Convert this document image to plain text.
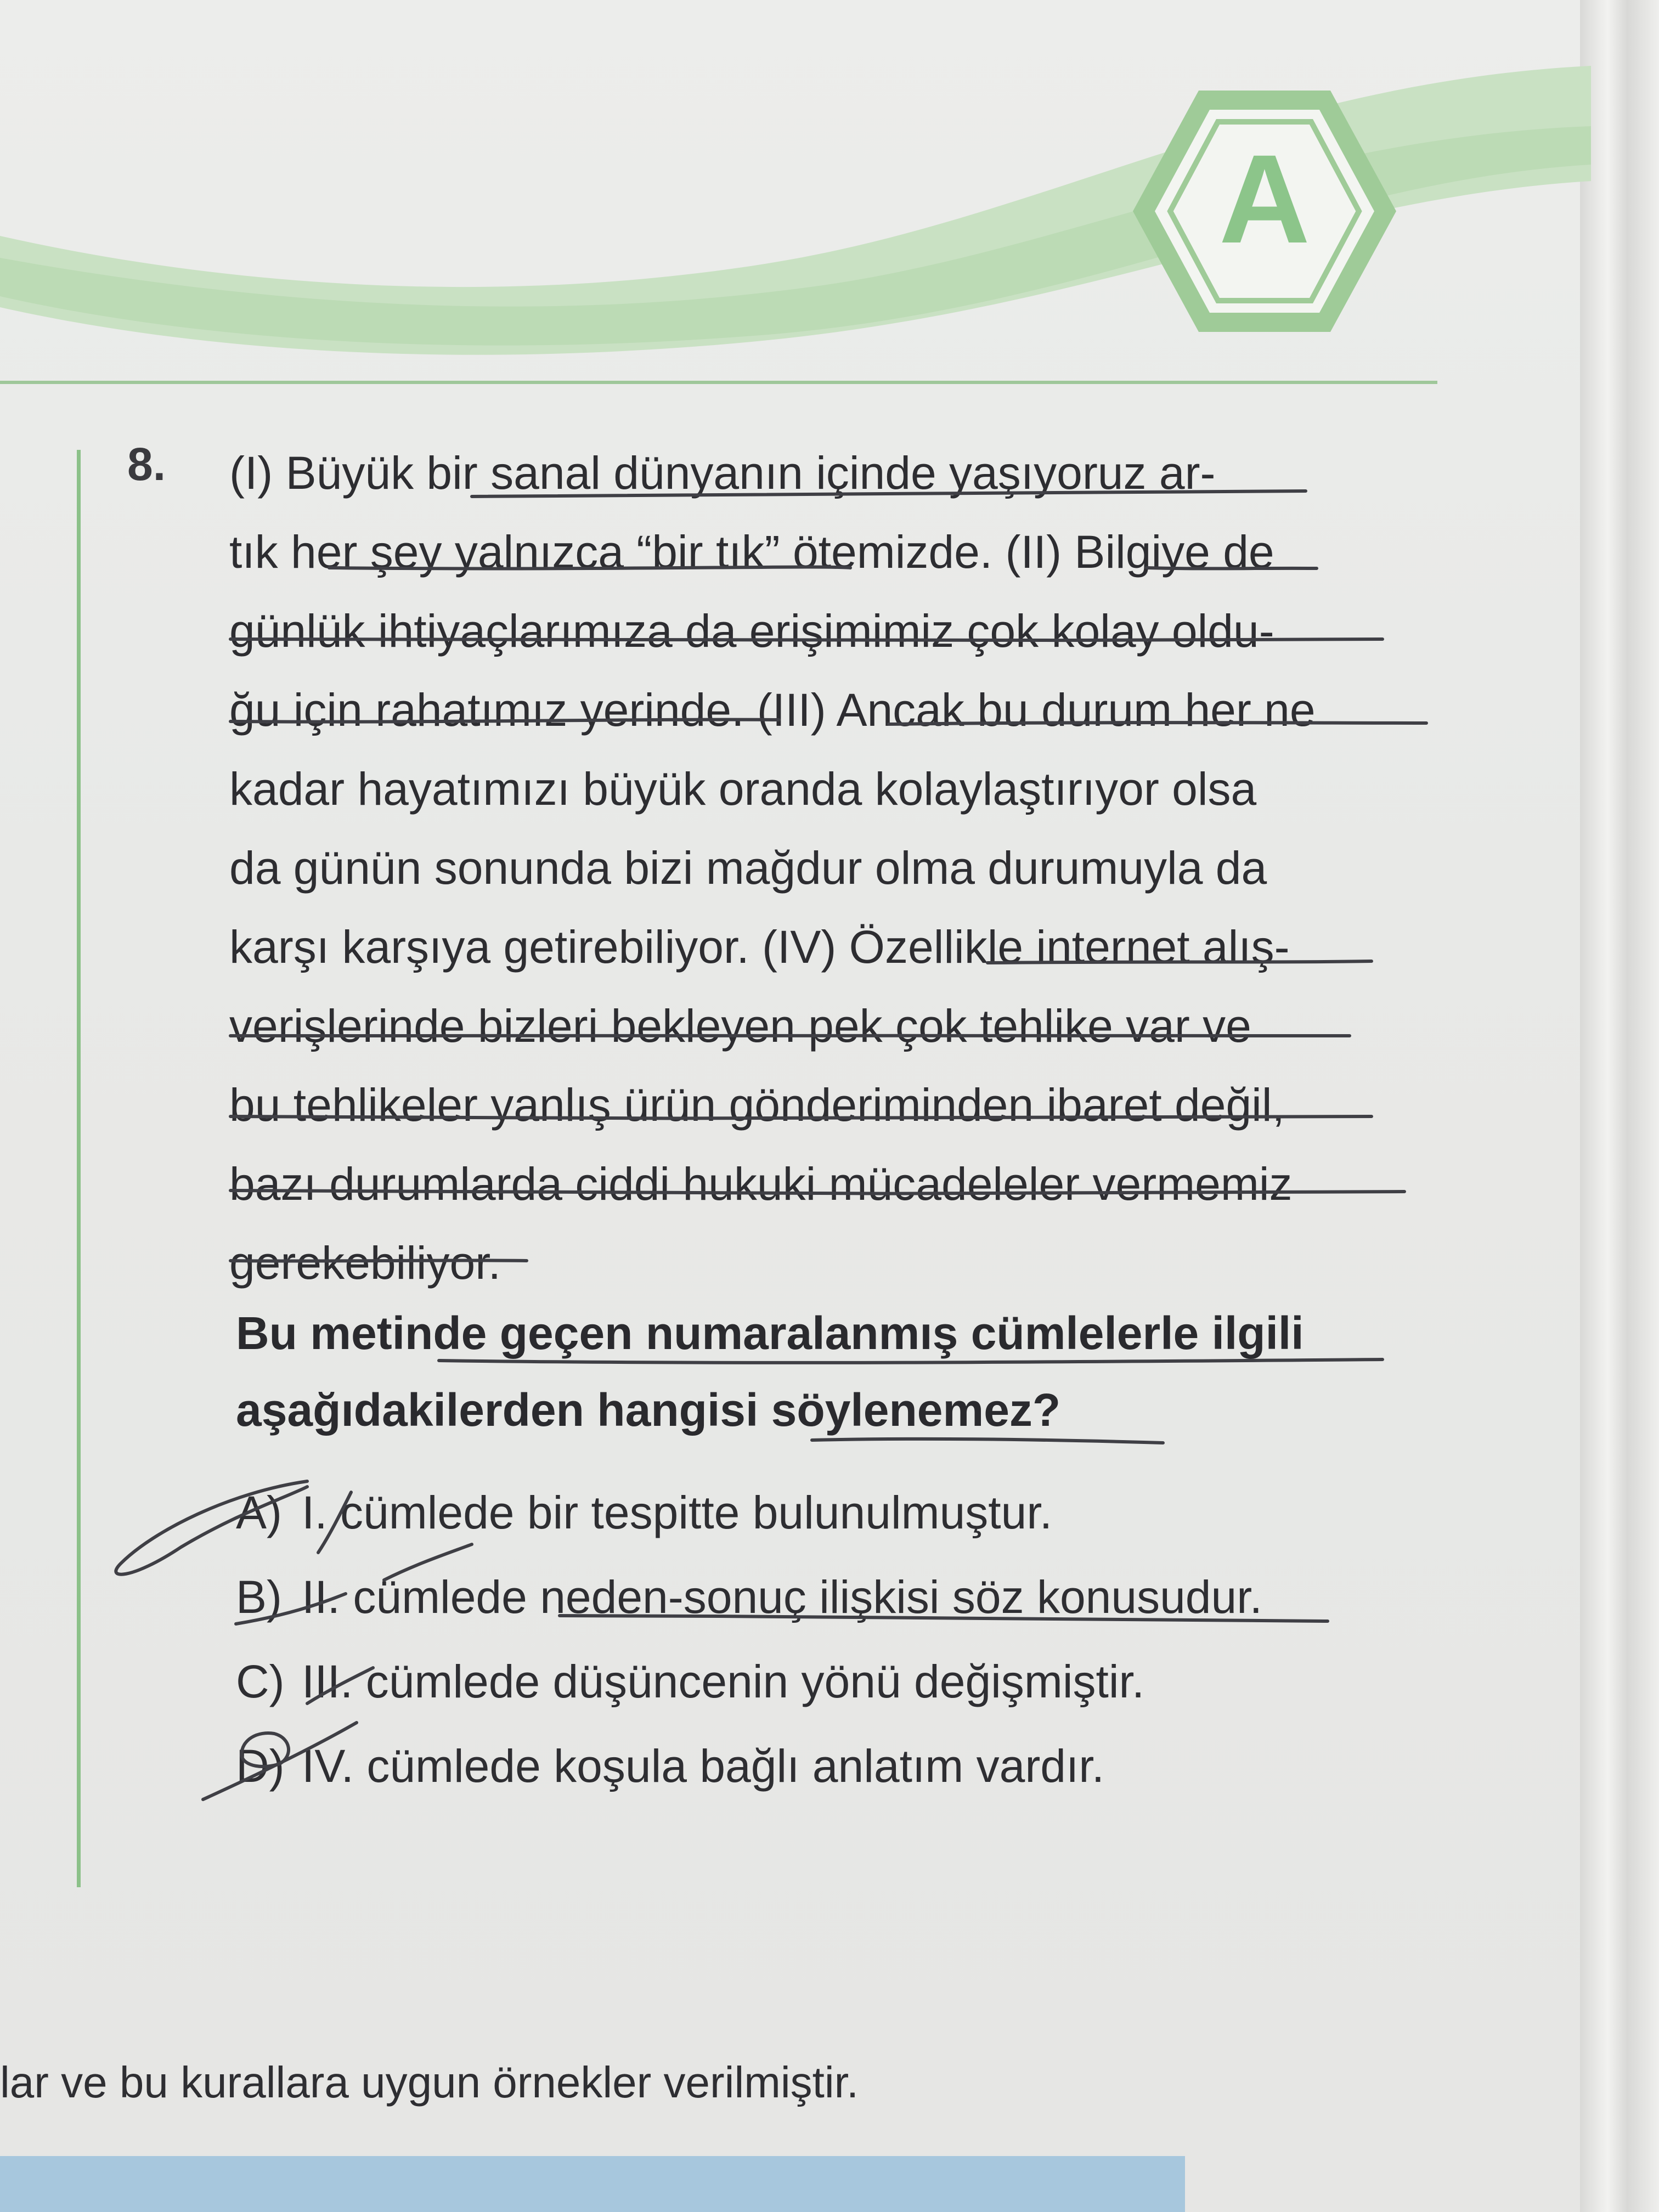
A
8. (I) Büyük bir sanal dünyanın içinde yaşıyoruz ar-
tık her şey yalnızca “bir tık” ötemizde. (II) Bilgiye de
günlük ihtiyaçlarımıza da erişimimiz çok kolay oldu-
ğu için rahatımız yerinde. (III) Ancak bu durum her ne
kadar hayatımızı büyük oranda kolaylaştırıyor olsa
da günün sonunda bizi mağdur olma durumuyla da
karşı karşıya getirebiliyor. (IV) Özellikle internet alış-
verişlerinde bizleri bekleyen pek çok tehlike var ve
bu tehlikeler yanlış ürün gönderiminden ibaret değil,
bazı durumlarda ciddi hukuki mücadeleler vermemiz
gerekebiliyor.
Bu metinde geçen numaralanmış cümlelerle ilgili
aşağıdakilerden hangisi söylenemez?
A) I. cümlede bir tespitte bulunulmuştur.
B) II. cümlede neden-sonuç ilişkisi söz konusudur.
C) III. cümlede düşüncenin yönü değişmiştir.
D) IV. cümlede koşula bağlı anlatım vardır.
lar ve bu kurallara uygun örnekler verilmiştir.
